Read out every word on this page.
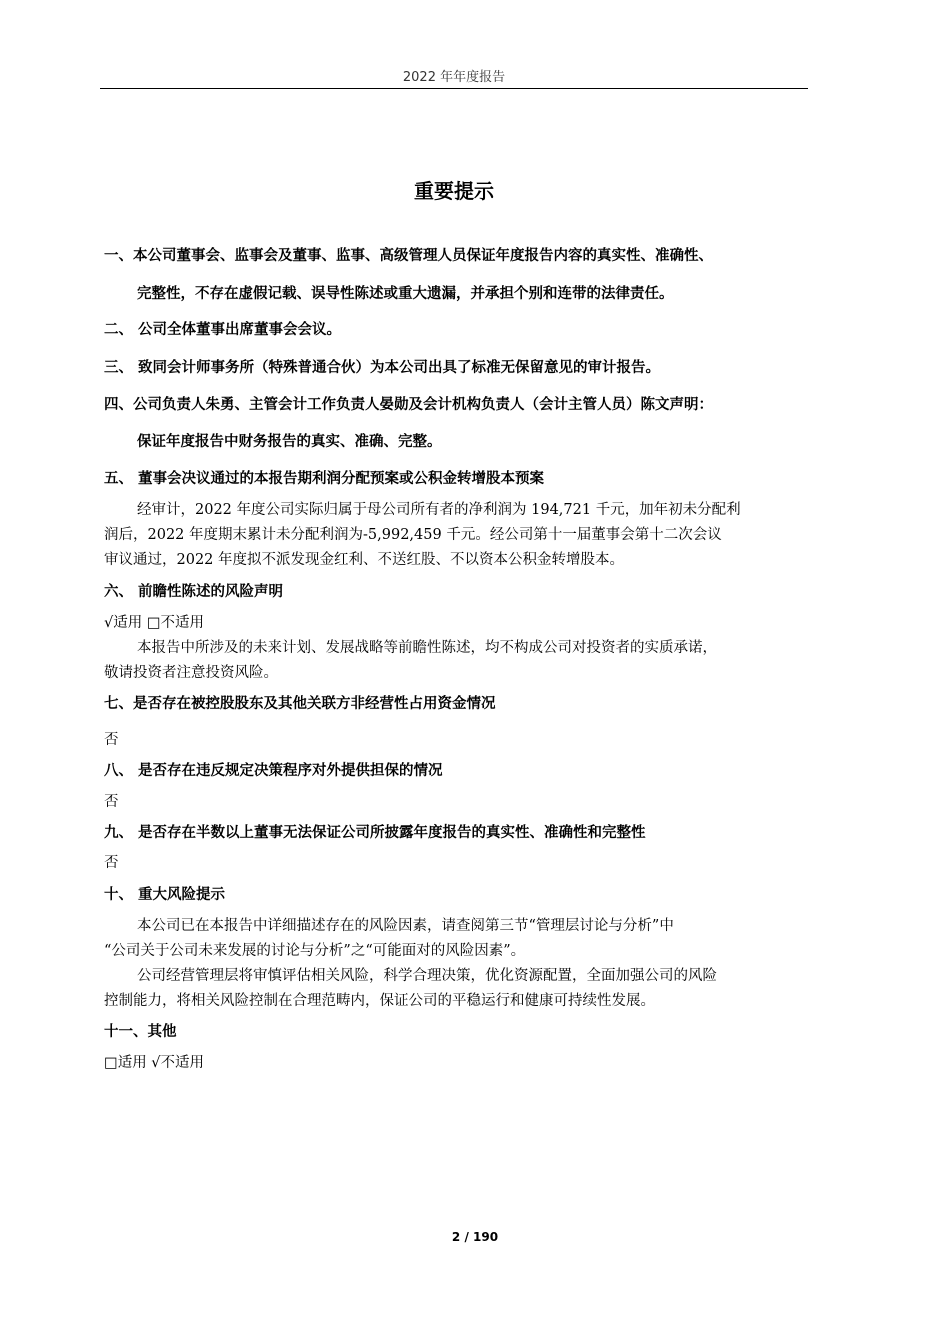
2022 年年度报告
重要提示
一、本公司董事会、监事会及董事、监事、高级管理人员保证年度报告内容的真实性、准确性、
完整性，不存在虚假记载、误导性陈述或重大遗漏，并承担个别和连带的法律责任。
二、 公司全体董事出席董事会会议。
三、 致同会计师事务所（特殊普通合伙）为本公司出具了标准无保留意见的审计报告。
四、公司负责人朱勇、主管会计工作负责人晏勋及会计机构负责人（会计主管人员）陈文声明：
保证年度报告中财务报告的真实、准确、完整。
五、 董事会决议通过的本报告期利润分配预案或公积金转增股本预案
经审计，2022 年度公司实际归属于母公司所有者的净利润为 194,721 千元，加年初未分配利
润后，2022 年度期末累计未分配利润为-5,992,459 千元。经公司第十一届董事会第十二次会议
审议通过，2022 年度拟不派发现金红利、不送红股、不以资本公积金转增股本。
六、 前瞻性陈述的风险声明
√适用 □不适用
本报告中所涉及的未来计划、发展战略等前瞻性陈述，均不构成公司对投资者的实质承诺，
敬请投资者注意投资风险。
七、是否存在被控股股东及其他关联方非经营性占用资金情况
否
八、 是否存在违反规定决策程序对外提供担保的情况
否
九、 是否存在半数以上董事无法保证公司所披露年度报告的真实性、准确性和完整性
否
十、 重大风险提示
本公司已在本报告中详细描述存在的风险因素，请查阅第三节“管理层讨论与分析”中
“公司关于公司未来发展的讨论与分析”之“可能面对的风险因素”。
公司经营管理层将审慎评估相关风险，科学合理决策，优化资源配置，全面加强公司的风险
控制能力，将相关风险控制在合理范畴内，保证公司的平稳运行和健康可持续性发展。
十一、其他
□适用 √不适用
2 / 190
